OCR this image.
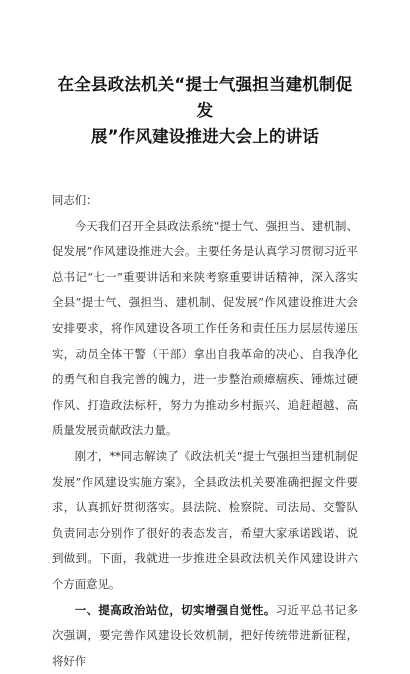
在全县政法机关“提士气强担当建机制促发
展”作风建设推进大会上的讲话

同志们：

今天我们召开全县政法系统“提士气、强担当、建机制、促发展”作风建设推进大会。主要任务是认真学习贯彻习近平总书记“七一”重要讲话和来陕考察重要讲话精神，深入落实全县“提士气、强担当、建机制、促发展”作风建设推进大会安排要求，将作风建设各项工作任务和责任压力层层传递压实，动员全体干警（干部）拿出自我革命的决心、自我净化的勇气和自我完善的魄力，进一步整治顽瘴痼疾、锤炼过硬作风、打造政法标杆，努力为推动乡村振兴、追赶超越、高质量发展贡献政法力量。

刚才，**同志解读了《政法机关“提士气强担当建机制促发展”作风建设实施方案》，全县政法机关要准确把握文件要求，认真抓好贯彻落实。县法院、检察院、司法局、交警队负责同志分别作了很好的表态发言，希望大家承诺践诺、说到做到。下面，我就进一步推进全县政法机关作风建设讲六个方面意见。

一、提高政治站位，切实增强自觉性。习近平总书记多次强调，要完善作风建设长效机制，把好传统带进新征程，将好作
